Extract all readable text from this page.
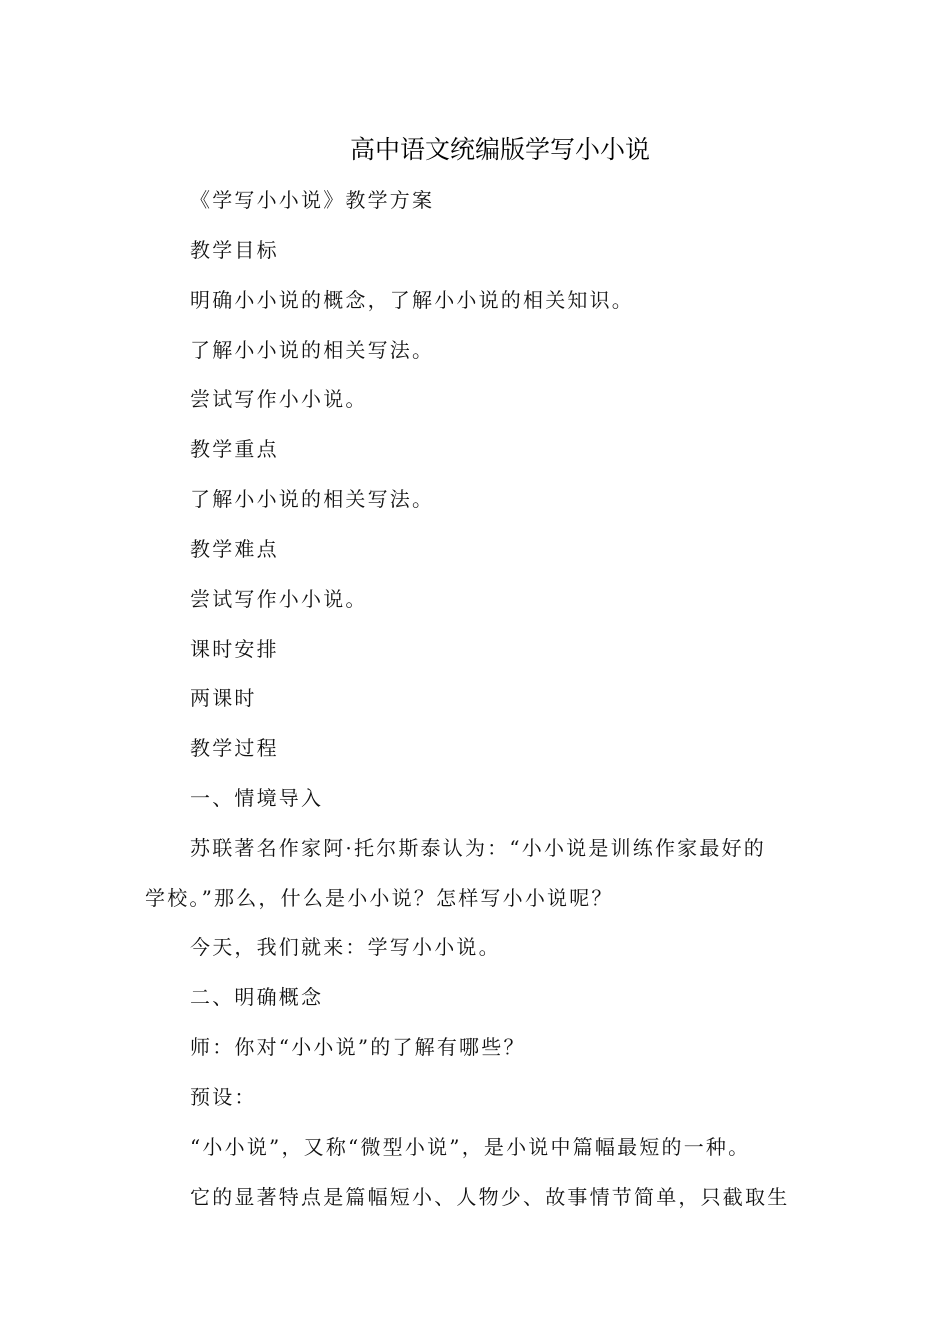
高中语文统编版学写小小说
《学写小小说》教学方案
教学目标
明确小小说的概念，了解小小说的相关知识。
了解小小说的相关写法。
尝试写作小小说。
教学重点
了解小小说的相关写法。
教学难点
尝试写作小小说。
课时安排
两课时
教学过程
一、情境导入
苏联著名作家阿·托尔斯泰认为：“小小说是训练作家最好的
学校。”那么，什么是小小说？怎样写小小说呢？
今天，我们就来：学写小小说。
二、明确概念
师：你对“小小说”的了解有哪些？
预设：
“小小说”，又称“微型小说”，是小说中篇幅最短的一种。
它的显著特点是篇幅短小、人物少、故事情节简单，只截取生
